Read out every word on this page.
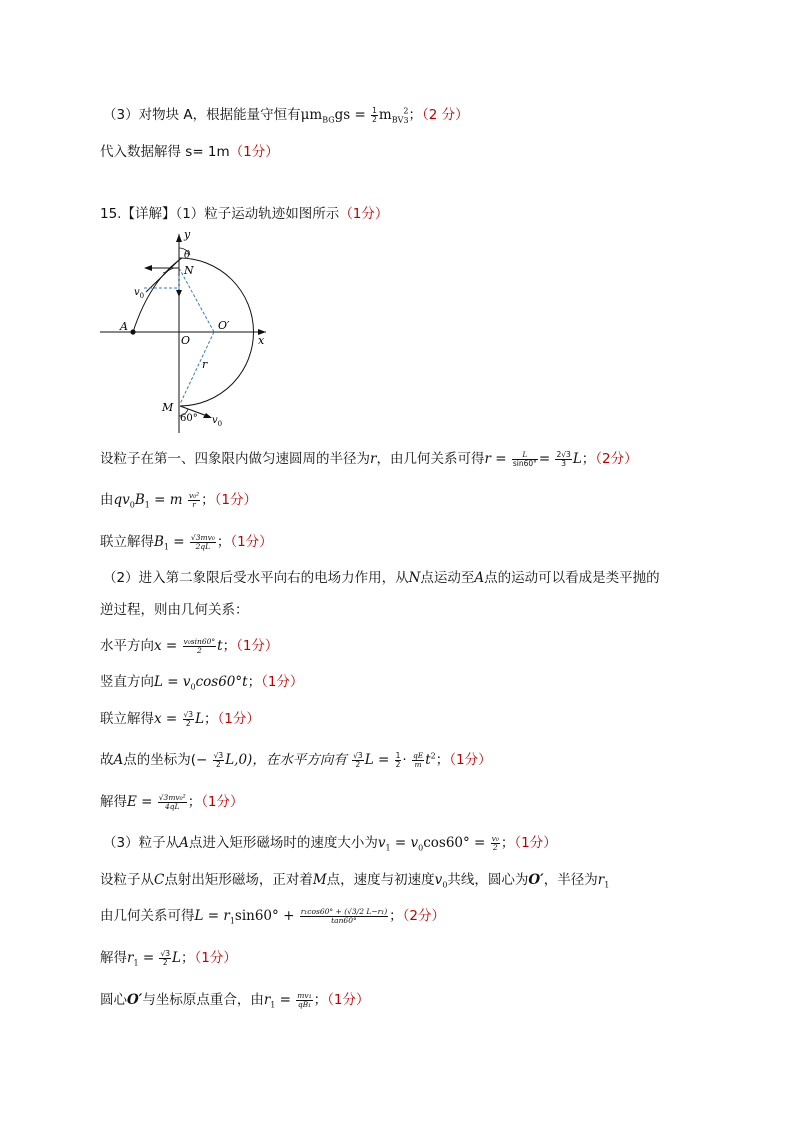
（3）对物块 A，根据能量守恒有$\mu m_{BG}gs = \frac{1}{2} m_{BV}^2_3$；（2 分）
代入数据解得 s= 1m（1分）
15.【详解】（1）粒子运动轨迹如图所示（1分）
y
x
O
O′
N
M
A
r
θ
$v_0$
$v_0$
60°
设粒子在第一、四象限内做匀速圆周的半径为r，由几何关系可得$r = \frac{L}{\sin 60^\circ} = \frac{2√3}{3}$ L；（2分）
由$qv_0B_1 = m \frac{\text{v₀²}}{r}$ ；（1分）
联立解得$B_1 = \frac{\text{√3mv₀}}{2qL}$ ；（1分）
（2）进入第二象限后受水平向右的电场力作用，从N点运动至A点的运动可以看成是类平抛的
逆过程，则由几何关系：
水平方向$x = \frac{\text{v₀sin60°}}{2}$ t；（1分）
竖直方向$L = v_0\cos 60^\circ t$；（1分）
联立解得$x = \frac{√3}{2}$ L；（1分）
故A点的坐标为(− $\frac{√3}{2} L,0$)，在水平方向有 $\frac{√3}{2}$ $L = \frac{1}{2} \cdot \frac{qE}{m} t^2$；（1分）
解得$E = \frac{\text{√3mv₀²}}{4qL}$ ；（1分）
（3）粒子从A点进入矩形磁场时的速度大小为$v_1 = v_0\cos 60^\circ = \frac{\text{v₀}}{2}$ ；（1分）
设粒子从C点射出矩形磁场，正对着M点，速度与初速度$v_0$共线，圆心为O′，半径为$r_1$
由几何关系可得$L = r_1\sin 60^\circ + \frac{\text{r₁cos60° + (√3/2 L−r₁)}}{\tan 60^\circ}$ ；（2分）
解得$r_1 = \frac{√3}{2}$ L；（1分）
圆心O′与坐标原点重合，由$r_1 = \frac{\text{mv₁}}{\text{qB₁}}$ ；（1分）
